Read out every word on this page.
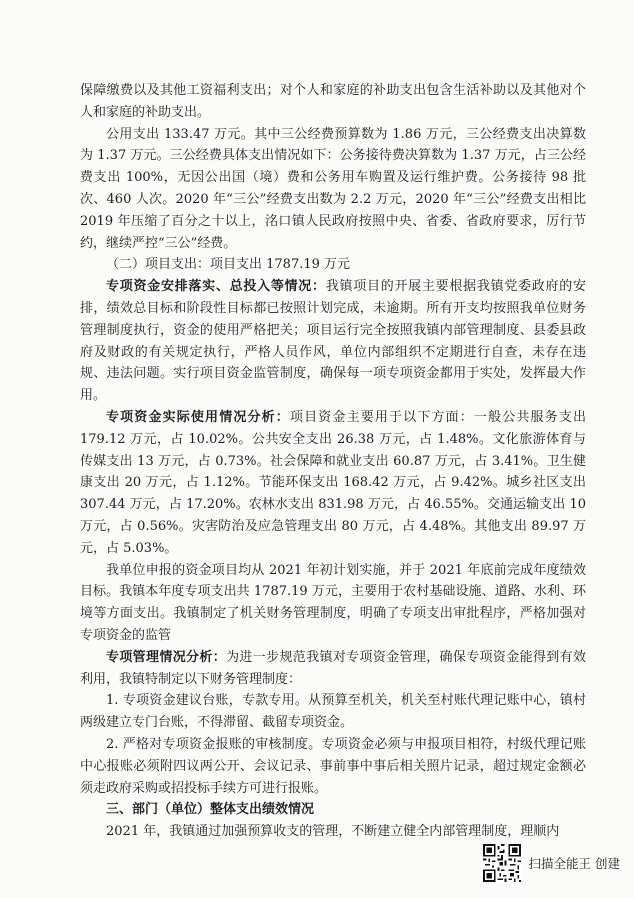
保障缴费以及其他工资福利支出；对个人和家庭的补助支出包含生活补助以及其他对个人和家庭的补助支出。

公用支出 133.47 万元。其中三公经费预算数为 1.86 万元，三公经费支出决算数为 1.37 万元。三公经费具体支出情况如下：公务接待费决算数为 1.37 万元，占三公经费支出 100%，无因公出国（境）费和公务用车购置及运行维护费。公务接待 98 批次、460 人次。2020 年“三公”经费支出数为 2.2 万元，2020 年“三公”经费支出相比 2019 年压缩了百分之十以上，洺口镇人民政府按照中央、省委、省政府要求，厉行节约，继续严控“三公”经费。

（二）项目支出：项目支出 1787.19 万元

专项资金安排落实、总投入等情况：我镇项目的开展主要根据我镇党委政府的安排，绩效总目标和阶段性目标都已按照计划完成，未逾期。所有开支均按照我单位财务管理制度执行，资金的使用严格把关；项目运行完全按照我镇内部管理制度、县委县政府及财政的有关规定执行，严格人员作风，单位内部组织不定期进行自查，未存在违规、违法问题。实行项目资金监管制度，确保每一项专项资金都用于实处，发挥最大作用。

专项资金实际使用情况分析：项目资金主要用于以下方面：一般公共服务支出 179.12 万元，占 10.02%。公共安全支出 26.38 万元，占 1.48%。文化旅游体育与传媒支出 13 万元，占 0.73%。社会保障和就业支出 60.87 万元，占 3.41%。卫生健康支出 20 万元，占 1.12%。节能环保支出 168.42 万元，占 9.42%。城乡社区支出 307.44 万元，占 17.20%。农林水支出 831.98 万元，占 46.55%。交通运输支出 10 万元，占 0.56%。灾害防治及应急管理支出 80 万元，占 4.48%。其他支出 89.97 万元，占 5.03%。

我单位申报的资金项目均从 2021 年初计划实施，并于 2021 年底前完成年度绩效目标。我镇本年度专项支出共 1787.19 万元，主要用于农村基础设施、道路、水利、环境等方面支出。我镇制定了机关财务管理制度，明确了专项支出审批程序，严格加强对专项资金的监管

专项管理情况分析：为进一步规范我镇对专项资金管理，确保专项资金能得到有效利用，我镇特制定以下财务管理制度：

1. 专项资金建议台账，专款专用。从预算至机关，机关至村账代理记账中心，镇村两级建立专门台账，不得滞留、截留专项资金。

2. 严格对专项资金报账的审核制度。专项资金必须与申报项目相符，村级代理记账中心报账必须附四议两公开、会议记录、事前事中事后相关照片记录，超过规定金额必须走政府采购或招投标手续方可进行报账。

三、部门（单位）整体支出绩效情况

2021 年，我镇通过加强预算收支的管理，不断建立健全内部管理制度，理顺内

扫描全能王 创建
